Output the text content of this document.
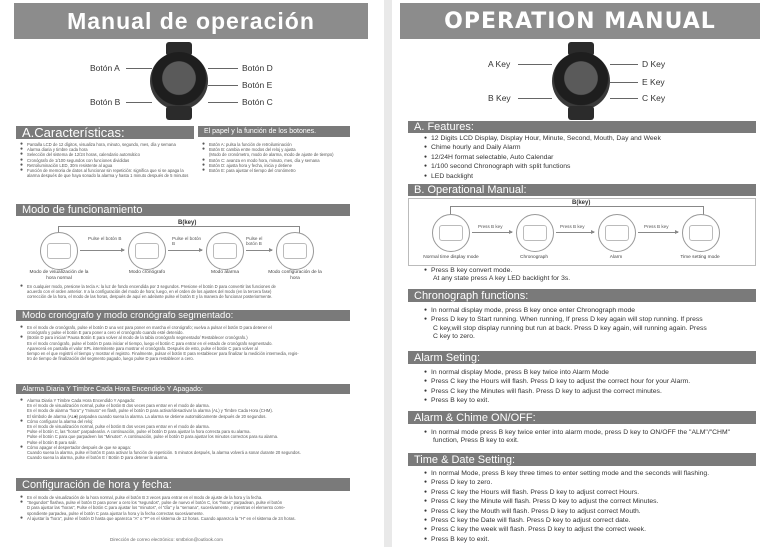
Manual de operación
Botón A
Botón B
Botón D
Botón E
Botón C
A.Características:	El papel y la función de los botones.
● Pantalla LCD de 12 dígitos, visualiza hora, minuto, segundo, mes, día y semana
● Alarma diaria y timbre cada hora
● Selección del sistema de 12/24 horas, calendario automático
● Cronógrafo de 1/100 segundos con funciones divididas
● Retroiluminación LED, 30m resistente al agua
● Función de memoria de datos al funcionar sin repetición: significa que si se apaga la
alarma después de que haya sonado la alarma y hasta 1 minuto después de 5 minutos
● Botón A: pulsa la función de retroiluminación
● Botón B: cambia entre modos del reloj y ajusta
(Modo de cronómetro, modo de alarma, modo de ajuste de tiempo)
● Botón C: avanza en modo hora, minuto, mes, día y semana
● Botón D: ajusta hora y fecha, inicia y detiene
● Botón E: para ajustar el tiempo del cronómetro
Modo de funcionamiento
B(key)
Pulse el botón B	Pulse el botón B
Pulse el botón B
Modo de visualización de la hora normal
Modo cronógrafo	Modo alarma	Modo configuración de la hora
● En cualquier modo, presione la tecla A: la luz de fondo encendida por 3 segundos. Presione el botón D para convertir las funciones de
acuerdo con el orden anterior. Ir a la configuración del modo de hora; luego, en el orden de los ajustes del modo (en la tercera fase)
corrección de la hora, el modo de las horas, después de aquí en adelante pulse el botón E y la manera de funcionar posteriormente.
Modo cronógrafo y modo cronógrafo segmentado:
● En el modo de cronógrafo, pulse el botón D una vez para poner en marcha el cronógrafo; vuelva a pulsar el botón D para detener el
cronógrafo y pulse el botón E para poner a cero el cronógrafo cuando esté detenido.
● (Botón D para iniciar/ Pausa Botón E para volver al modo de la tabla cronógrafo segmentado/ Restablecer cronógrafo.)
En el modo cronógrafo, pulse el botón D para iniciar el tiempo, luego el botón C para entrar en el estado de cronógrafo segmentado.
Aparecerá en pantalla el valor SPL intermitente para mostrar el cronógrafo. Después de esto, pulse el botón C para volver al
tiempo en el que registró el tiempo y mostrar el registro. Finalmente, pulsar el botón E para restablecer para finalizar la medición intermedia, regis-
tro de tiempo de finalización del segmento pagado, luego pulse D para restablecer a cero.
Alarma Diaria Y Timbre Cada Hora Encendido Y Apagado:
● Alarma Diaria Y Timbre Cada Hora Encendido Y Apagado:
En el modo de visualización normal, pulse el botón B dos veces para entrar en el modo de alarma.
En el modo de alarma "hora" y "minuto" en flash, pulse el botón D para activar/desactivar la alarma (AL) y Timbre Cada Hora (CHM).
El símbolo de alarma (AL■) parpadea cuando suena la alarma. La alarma se detiene automáticamente después de 20 segundos.
● Cómo configurar la alarma del reloj:
En el modo de visualización normal, pulse el botón B dos veces para entrar en el modo de alarma.
Pulse el botón C, las "horas" parpadearán. A continuación, pulse el botón D para ajustar la hora correcta para su alarma.
Pulse el botón C para que parpadeen los "Minutos". A continuación, pulse el botón D para ajustar los minutos correctos para su alarma.
Pulse el botón B para salir.
● Cómo apagar el despertador después de que se apaga:
Cuando suena la alarma, pulse el botón E para activar la función de repetición. 5 minutos después, la alarma volverá a sonar durante 20 segundos.
Cuando suena la alarma, pulse el botón E / Botón D para detener la alarma.
Configuración de hora y fecha:
● En el modo de visualización de la hora normal, pulse el botón B 3 veces para entrar en el modo de ajuste de la hora y la fecha.
● "Segundos" flashea, pulse el botón D para poner a cero los "segundos", pulse de nuevo el botón C, los "horas" parpadean, pulse el botón
D para ajustar las "horas", Pulse el botón C para ajustar los "minutos", el "día" y la "semana", sucesivamente, y mientras el elemento corre-
spondiente parpadea, pulse el botón C para ajustar la hora y la fecha correctas sucesivamente.
● Al ajustar la "hora", pulse el botón D hasta que aparezca "A" o "P" en el sistema de 12 horas. Cuando aparezca la "H" en el sistema de 24 horas.
Dirección de correo electrónico: smtbrion@outlook.com
OPERATION MANUAL
A Key
B Key
D Key
E Key
C Key
A. Features:
● 12 Digits LCD Display, Display Hour, Minute, Second, Mouth, Day and Week
● Chime hourly and Daily Alarm
● 12/24H format selectable, Auto Calendar
● 1/100 second Chronograph with split functions
● LED backlight
B. Operational Manual:
B(key)
Press B key	Press B key	Press B key
Normal time display mode	Chronograph	Alarm	Time setting mode
● Press B key convert mode.
At any state press A key LED backlight for 3s.
Chronograph functions:
● In normal display mode, press B key once enter Chronograph mode
● Press D key to Start running. When running, If press D key again will stop running. If press
C key,will stop display running but run at back. Press D key again, will running again. Press
C key to zero.
Alarm Seting:
● In normal display Mode, press B key twice into Alarm Mode
● Press C key the Hours will flash. Press D key to adjust the correct hour for your Alarm.
● Press C key the Minutes will flash. Press D key to adjust the correct minutes.
● Press B key to exit.
Alarm & Chime ON/OFF:
● In normal mode press B key twice enter into alarm mode, press D key to ON/OFF the "ALM"/"CHM"
function, Press B key to exit.
Time & Date Setting:
● In normal Mode, press B key three times to enter setting mode and the seconds will flashing.
● Press D key to zero.
● Press C key the Hours will flash. Press D key to adjust correct Hours.
● Press C key the Minute will flash. Press D key to adjust the correct Minutes.
● Press C key the Mouth will flash. Press D key to adjust correct Mouth.
● Press C key the Date will flash. Press D key to adjust correct date.
● Press C key the week will flash. Press D key to adjust the correct week.
● Press B key to exit.
